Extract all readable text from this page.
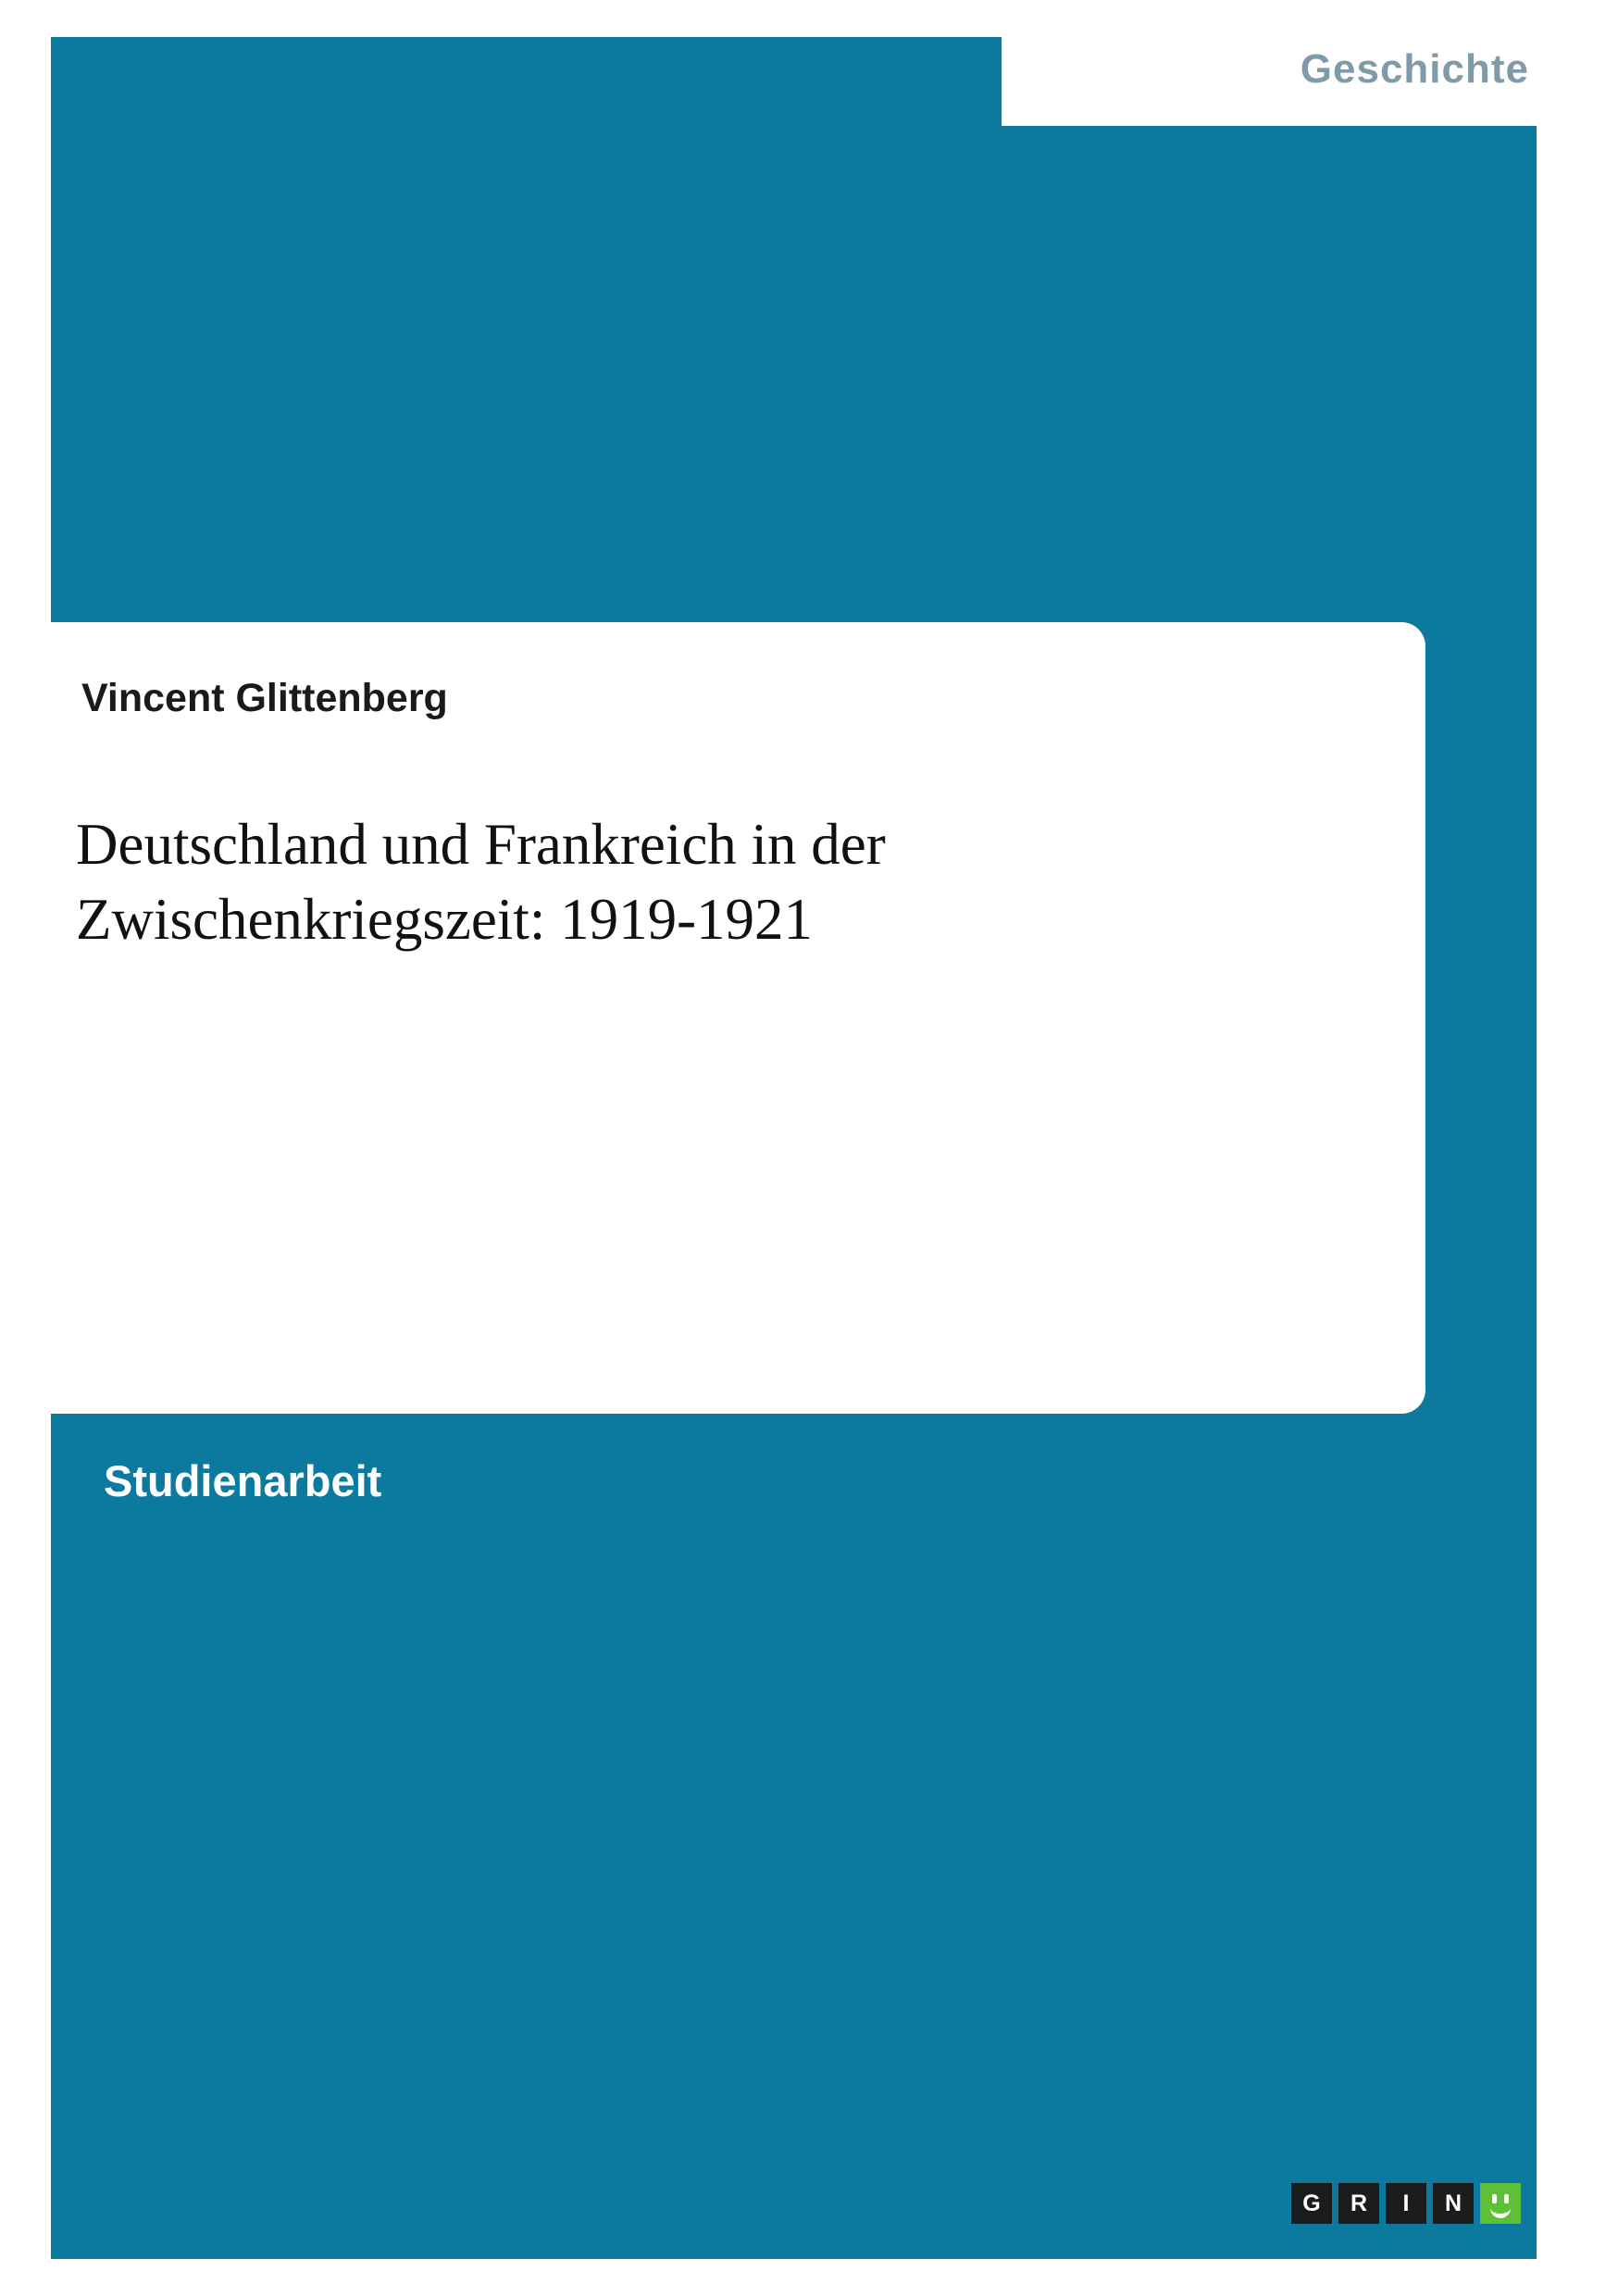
Geschichte
Vincent Glittenberg
Deutschland und Frankreich in der Zwischenkriegszeit: 1919-1921
Studienarbeit
G	R	I	N
